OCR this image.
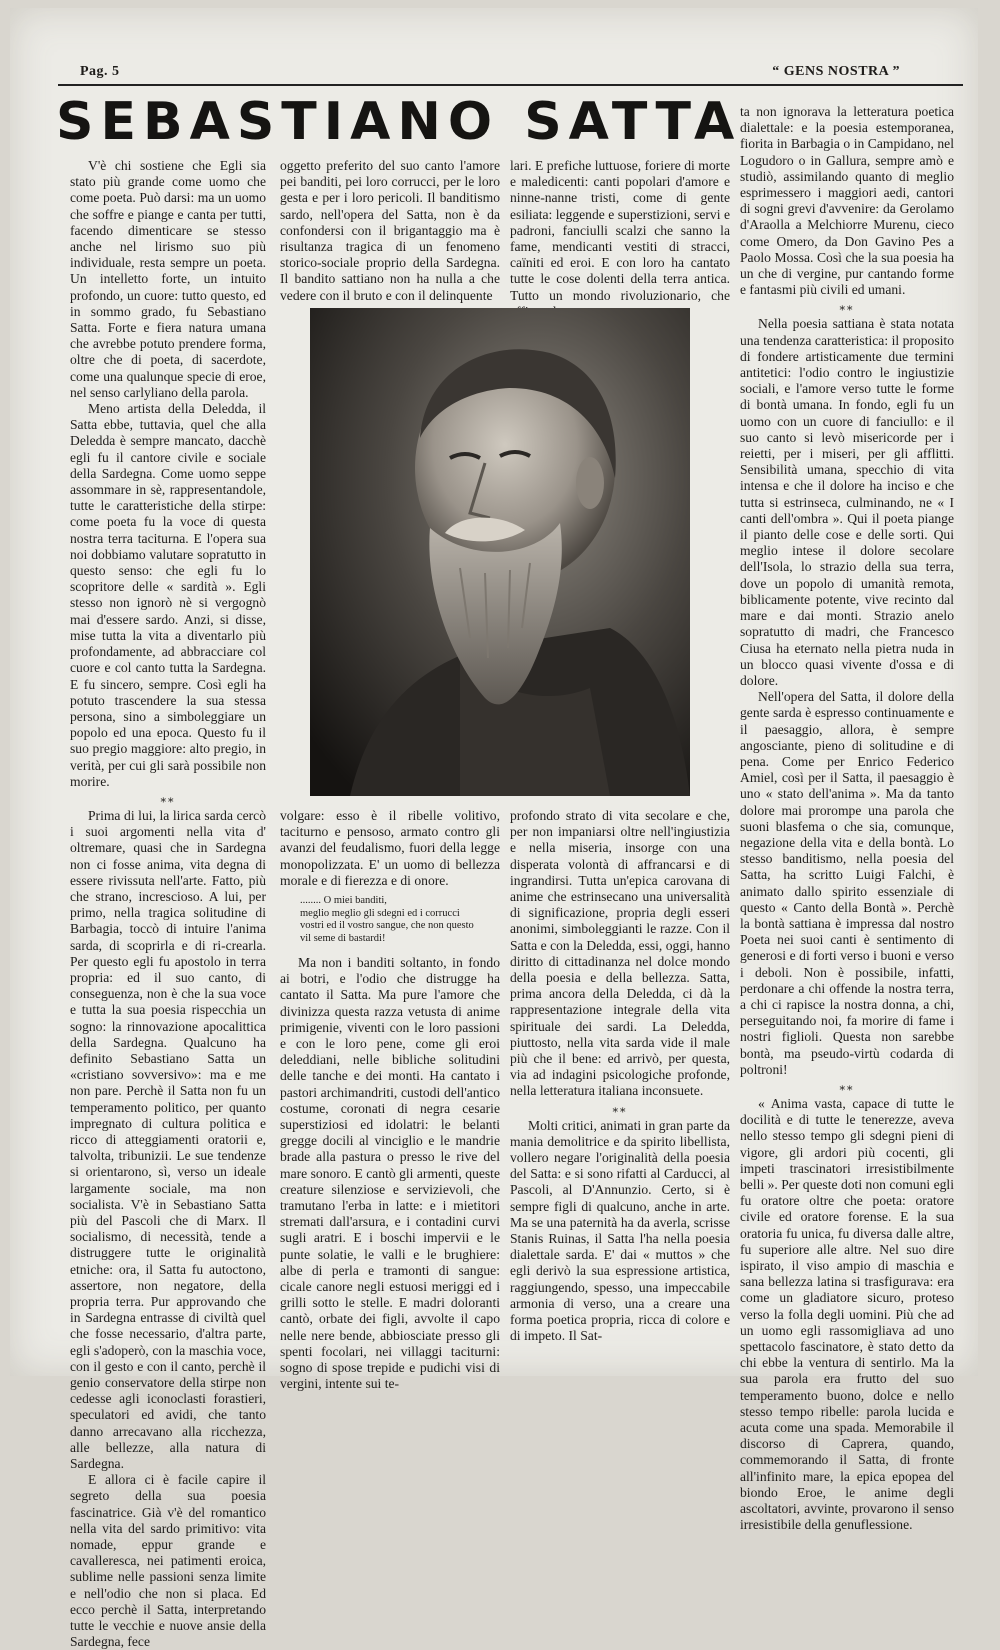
Pag. 5	“ GENS NOSTRA ”
SEBASTIANO SATTA

V'è chi sostiene che Egli sia stato più grande come uomo che come poeta. Può darsi: ma un uomo che soffre e piange e canta per tutti, facendo dimenticare se stesso anche nel lirismo suo più individuale, resta sempre un poeta. Un intelletto forte, un intuito profondo, un cuore: tutto questo, ed in sommo grado, fu Sebastiano Satta. Forte e fiera natura umana che avrebbe potuto prendere forma, oltre che di poeta, di sacerdote, come una qualunque specie di eroe, nel senso carlyliano della parola.

Meno artista della Deledda, il Satta ebbe, tuttavia, quel che alla Deledda è sempre mancato, dacchè egli fu il cantore civile e sociale della Sardegna. Come uomo seppe assommare in sè, rappresentandole, tutte le caratteristiche della stirpe: come poeta fu la voce di questa nostra terra taciturna. E l'opera sua noi dobbiamo valutare sopratutto in questo senso: che egli fu lo scopritore delle « sardità ». Egli stesso non ignorò nè si vergognò mai d'essere sardo. Anzi, si disse, mise tutta la vita a diventarlo più profondamente, ad abbracciare col cuore e col canto tutta la Sardegna. E fu sincero, sempre. Così egli ha potuto trascendere la sua stessa persona, sino a simboleggiare un popolo ed una epoca. Questo fu il suo pregio maggiore: alto pregio, in verità, per cui gli sarà possibile non morire.

⁎⁎

Prima di lui, la lirica sarda cercò i suoi argomenti nella vita d' oltremare, quasi che in Sardegna non ci fosse anima, vita degna di essere rivissuta nell'arte. Fatto, più che strano, increscioso. A lui, per primo, nella tragica solitudine di Barbagia, toccò di intuire l'anima sarda, di scoprirla e di ri-crearla. Per questo egli fu apostolo in terra propria: ed il suo canto, di conseguenza, non è che la sua voce e tutta la sua poesia rispecchia un sogno: la rinnovazione apocalittica della Sardegna. Qualcuno ha definito Sebastiano Satta un «cristiano sovversivo»: ma e me non pare. Perchè il Satta non fu un temperamento politico, per quanto impregnato di cultura politica e ricco di atteggiamenti oratorii e, talvolta, tribunizii. Le sue tendenze si orientarono, sì, verso un ideale largamente sociale, ma non socialista. V'è in Sebastiano Satta più del Pascoli che di Marx. Il socialismo, di necessità, tende a distruggere tutte le originalità etniche: ora, il Satta fu autoctono, assertore, non negatore, della propria terra. Pur approvando che in Sardegna entrasse di civiltà quel che fosse necessario, d'altra parte, egli s'adoperò, con la maschia voce, con il gesto e con il canto, perchè il genio conservatore della stirpe non cedesse agli iconoclasti forastieri, speculatori ed avidi, che tanto danno arrecavano alla ricchezza, alle bellezze, alla natura di Sardegna.

E allora ci è facile capire il segreto della sua poesia fascinatrice. Già v'è del romantico nella vita del sardo primitivo: vita nomade, eppur grande e cavalleresca, nei patimenti eroica, sublime nelle passioni senza limite e nell'odio che non si placa. Ed ecco perchè il Satta, interpretando tutte le vecchie e nuove ansie della Sardegna, fece

oggetto preferito del suo canto l'amore pei banditi, pei loro corrucci, per le loro gesta e per i loro pericoli. Il banditismo sardo, nell'opera del Satta, non è da confondersi con il brigantaggio ma è risultanza tragica di un fenomeno storico-sociale proprio della Sardegna. Il bandito sattiano non ha nulla a che vedere con il bruto e con il delinquente

lari. E prefiche luttuose, foriere di morte e maledicenti: canti popolari d'amore e ninne-nanne tristi, come di gente esiliata: leggende e superstizioni, servi e padroni, fanciulli scalzi che sanno la fame, mendicanti vestiti di stracci, caïniti ed eroi. E con loro ha cantato tutte le cose dolenti della terra antica. Tutto un mondo rivoluzionario, che

ta non ignorava la letteratura poetica dialettale: e la poesia estemporanea, fiorita in Barbagia o in Campidano, nel Logudoro o in Gallura, sempre amò e studiò, assimilando quanto di meglio esprimessero i maggiori aedi, cantori di sogni grevi d'avvenire: da Gerolamo d'Araolla a Melchiorre Murenu, cieco come Omero, da Don Gavino Pes a Paolo Mossa. Così che la sua poesia ha un che di vergine, pur cantando forme e fantasmi più civili ed umani.

⁎⁎

Nella poesia sattiana è stata notata una tendenza caratteristica: il proposito di fondere artisticamente due termini antitetici: l'odio contro le ingiustizie sociali, e l'amore verso tutte le forme di bontà umana. In fondo, egli fu un uomo con un cuore di fanciullo: e il suo canto si levò misericorde per i reietti, per i miseri, per gli afflitti. Sensibilità umana, specchio di vita intensa e che il dolore ha inciso e che tutta si estrinseca, culminando, ne « I canti dell'ombra ». Qui il poeta piange il pianto delle cose e delle sorti. Qui meglio intese il dolore secolare dell'Isola, lo strazio della sua terra, dove un popolo di umanità remota, biblicamente potente, vive recinto dal mare e dai monti. Strazio anelo sopratutto di madri, che Francesco Ciusa ha eternato nella pietra nuda in un blocco quasi vivente d'ossa e di dolore.

Nell'opera del Satta, il dolore della gente sarda è espresso continuamente e il paesaggio, allora, è sempre angosciante, pieno di solitudine e di pena. Come per Enrico Federico Amiel, così per il Satta, il paesaggio è uno « stato dell'anima ». Ma da tanto dolore mai prorompe una parola che suoni blasfema o che sia, comunque, negazione della vita e della bontà. Lo stesso banditismo, nella poesia del Satta, ha scritto Luigi Falchi, è animato dallo spirito essenziale di questo « Canto della Bontà ». Perchè la bontà sattiana è impressa dal nostro Poeta nei suoi canti è sentimento di generosi e di forti verso i buoni e verso i deboli. Non è possibile, infatti, perdonare a chi offende la nostra terra, a chi ci rapisce la nostra donna, a chi, perseguitando noi, fa morire di fame i nostri figlioli. Questa non sarebbe bontà, ma pseudo-virtù codarda di poltroni!

⁎⁎

« Anima vasta, capace di tutte le docilità e di tutte le tenerezze, aveva nello stesso tempo gli sdegni pieni di vigore, gli ardori più cocenti, gli impeti trascinatori irresistibilmente belli ». Per queste doti non comuni egli fu oratore oltre che poeta: oratore civile ed oratore forense. E la sua oratoria fu unica, fu diversa dalle altre, fu superiore alle altre. Nel suo dire ispirato, il viso ampio di maschia e sana bellezza latina si trasfigurava: era come un gladiatore sicuro, proteso verso la folla degli uomini. Più che ad un uomo egli rassomigliava ad uno spettacolo fascinatore, è stato detto da chi ebbe la ventura di sentirlo. Ma la sua parola era frutto del suo temperamento buono, dolce e nello stesso tempo ribelle: parola lucida e acuta come una spada. Memorabile il discorso di Caprera, quando, commemorando il Satta, di fronte all'infinito mare, la epica epopea del biondo Eroe, le anime degli ascoltatori, avvinte, provarono il senso irresistibile della genuflessione.

volgare: esso è il ribelle volitivo, taciturno e pensoso, armato contro gli avanzi del feudalismo, fuori della legge monopolizzata. E' un uomo di bellezza morale e di fierezza e di onore.

........ O miei banditi,
meglio meglio gli sdegni ed i corrucci
vostri ed il vostro sangue, che non questo
vil seme di bastardi!

Ma non i banditi soltanto, in fondo ai botri, e l'odio che distrugge ha cantato il Satta. Ma pure l'amore che divinizza questa razza vetusta di anime primigenie, viventi con le loro passioni e con le loro pene, come gli eroi deleddiani, nelle bibliche solitudini delle tanche e dei monti. Ha cantato i pastori archimandriti, custodi dell'antico costume, coronati di negra cesarie superstiziosi ed idolatri: le belanti gregge docili al vinciglio e le mandrie brade alla pastura o presso le rive del mare sonoro. E cantò gli armenti, queste creature silenziose e servizievoli, che tramutano l'erba in latte: e i mietitori stremati dall'arsura, e i contadini curvi sugli aratri. E i boschi impervii e le punte solatie, le valli e le brughiere: albe di perla e tramonti di sangue: cicale canore negli estuosi meriggi ed i grilli sotto le stelle. E madri doloranti cantò, orbate dei figli, avvolte il capo nelle nere bende, abbiosciate presso gli spenti focolari, nei villaggi taciturni: sogno di spose trepide e pudichi visi di vergini, intente sui te-

profondo strato di vita secolare e che, per non impaniarsi oltre nell'ingiustizia e nella miseria, insorge con una disperata volontà di affrancarsi e di ingrandirsi. Tutta un'epica carovana di anime che estrinsecano una universalità di significazione, propria degli esseri anonimi, simboleggianti le razze. Con il Satta e con la Deledda, essi, oggi, hanno diritto di cittadinanza nel dolce mondo della poesia e della bellezza. Satta, prima ancora della Deledda, ci dà la rappresentazione integrale della vita spirituale dei sardi. La Deledda, piuttosto, nella vita sarda vide il male più che il bene: ed arrivò, per questa, via ad indagini psicologiche profonde, nella letteratura italiana inconsuete.

⁎⁎

Molti critici, animati in gran parte da mania demolitrice e da spirito libellista, vollero negare l'originalità della poesia del Satta: e si sono rifatti al Carducci, al Pascoli, al D'Annunzio. Certo, si è sempre figli di qualcuno, anche in arte. Ma se una paternità ha da averla, scrisse Stanis Ruinas, il Satta l'ha nella poesia dialettale sarda. E' dai « muttos » che egli derivò la sua espressione artistica, raggiungendo, spesso, una impeccabile armonia di verso, una a creare una forma poetica propria, ricca di colore e di impeto. Il Sat-
